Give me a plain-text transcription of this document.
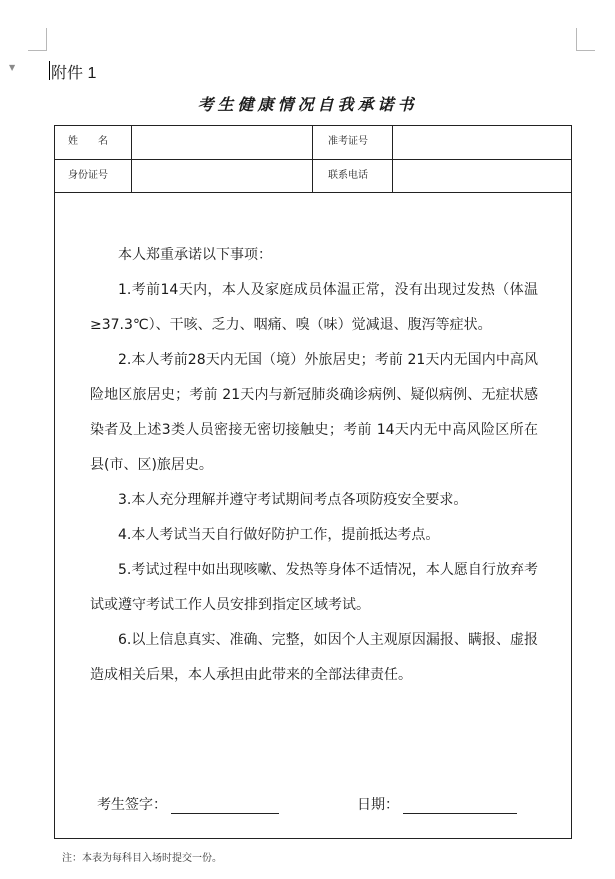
▼ 附件 1
考生健康情况自我承诺书
姓　　名	准考证号
身份证号	联系电话

本人郑重承诺以下事项：

1.考前14天内，本人及家庭成员体温正常，没有出现过发热（体温≥37.3℃）、干咳、乏力、咽痛、嗅（味）觉减退、腹泻等症状。

2.本人考前28天内无国（境）外旅居史；考前 21天内无国内中高风险地区旅居史；考前 21天内与新冠肺炎确诊病例、疑似病例、无症状感染者及上述3类人员密接无密切接触史；考前 14天内无中高风险区所在县(市、区)旅居史。

3.本人充分理解并遵守考试期间考点各项防疫安全要求。

4.本人考试当天自行做好防护工作，提前抵达考点。

5.考试过程中如出现咳嗽、发热等身体不适情况，本人愿自行放弃考试或遵守考试工作人员安排到指定区域考试。

6.以上信息真实、准确、完整，如因个人主观原因漏报、瞒报、虚报造成相关后果，本人承担由此带来的全部法律责任。

考生签字：	日期：
注：本表为每科目入场时提交一份。
